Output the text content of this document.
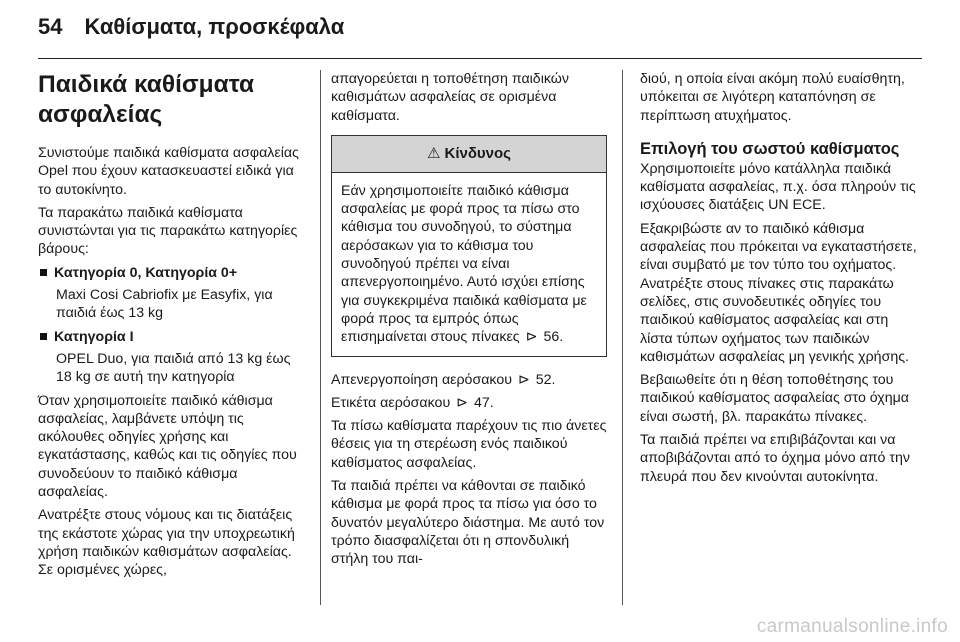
54 Καθίσματα, προσκέφαλα
Παιδικά καθίσματα ασφαλείας

Συνιστούμε παιδικά καθίσματα ασφαλείας Opel που έχουν κατασκευαστεί ειδικά για το αυτοκίνητο.

Τα παρακάτω παιδικά καθίσματα συνιστώνται για τις παρακάτω κατηγορίες βάρους:

Κατηγορία 0, Κατηγορία 0+

Maxi Cosi Cabriofix με Easyfix, για παιδιά έως 13 kg

Κατηγορία I

OPEL Duo, για παιδιά από 13 kg έως 18 kg σε αυτή την κατηγορία

Όταν χρησιμοποιείτε παιδικό κάθισμα ασφαλείας, λαμβάνετε υπόψη τις ακόλουθες οδηγίες χρήσης και εγκατάστασης, καθώς και τις οδηγίες που συνοδεύουν το παιδικό κάθισμα ασφαλείας.

Ανατρέξτε στους νόμους και τις διατάξεις της εκάστοτε χώρας για την υποχρεωτική χρήση παιδικών καθισμάτων ασφαλείας. Σε ορισμένες χώρες,

απαγορεύεται η τοποθέτηση παιδικών καθισμάτων ασφαλείας σε ορισμένα καθίσματα.

⚠ Κίνδυνος
Εάν χρησιμοποιείτε παιδικό κάθισμα ασφαλείας με φορά προς τα πίσω στο κάθισμα του συνοδηγού, το σύστημα αερόσακων για το κάθισμα του συνοδηγού πρέπει να είναι απενεργοποιημένο. Αυτό ισχύει επίσης για συγκεκριμένα παιδικά καθίσματα με φορά προς τα εμπρός όπως επισημαίνεται στους πίνακες ⊳ 56.

Απενεργοποίηση αερόσακου ⊳ 52.

Ετικέτα αερόσακου ⊳ 47.

Τα πίσω καθίσματα παρέχουν τις πιο άνετες θέσεις για τη στερέωση ενός παιδικού καθίσματος ασφαλείας.

Τα παιδιά πρέπει να κάθονται σε παιδικό κάθισμα με φορά προς τα πίσω για όσο το δυνατόν μεγαλύτερο διάστημα. Με αυτό τον τρόπο διασφαλίζεται ότι η σπονδυλική στήλη του παι-

διού, η οποία είναι ακόμη πολύ ευαίσθητη, υπόκειται σε λιγότερη καταπόνηση σε περίπτωση ατυχήματος.

Επιλογή του σωστού καθίσματος

Χρησιμοποιείτε μόνο κατάλληλα παιδικά καθίσματα ασφαλείας, π.χ. όσα πληρούν τις ισχύουσες διατάξεις UN ECE.

Εξακριβώστε αν το παιδικό κάθισμα ασφαλείας που πρόκειται να εγκαταστήσετε, είναι συμβατό με τον τύπο του οχήματος. Ανατρέξτε στους πίνακες στις παρακάτω σελίδες, στις συνοδευτικές οδηγίες του παιδικού καθίσματος ασφαλείας και στη λίστα τύπων οχήματος των παιδικών καθισμάτων ασφαλείας μη γενικής χρήσης.

Βεβαιωθείτε ότι η θέση τοποθέτησης του παιδικού καθίσματος ασφαλείας στο όχημα είναι σωστή, βλ. παρακάτω πίνακες.

Τα παιδιά πρέπει να επιβιβάζονται και να αποβιβάζονται από το όχημα μόνο από την πλευρά που δεν κινούνται αυτοκίνητα.

carmanualsonline.info
